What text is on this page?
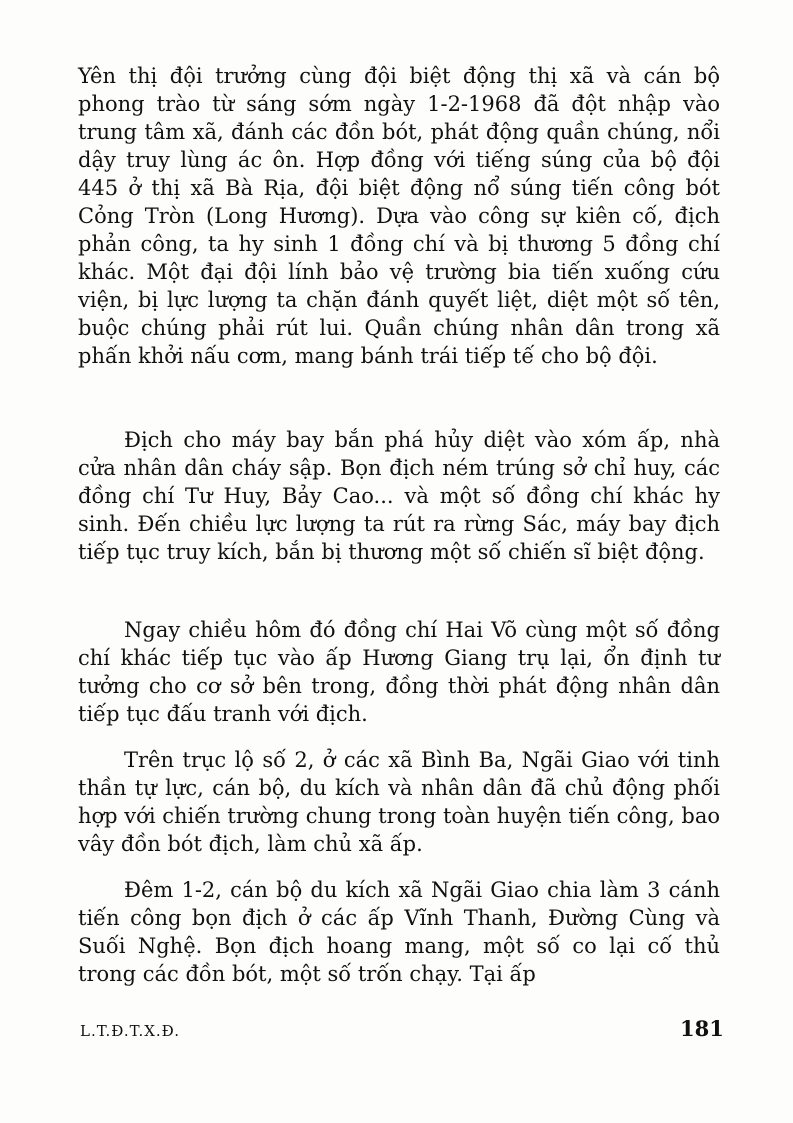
Yên thị đội trưởng cùng đội biệt động thị xã và cán bộ phong trào từ sáng sớm ngày 1-2-1968 đã đột nhập vào trung tâm xã, đánh các đồn bót, phát động quần chúng, nổi dậy truy lùng ác ôn. Hợp đồng với tiếng súng của bộ đội 445 ở thị xã Bà Rịa, đội biệt động nổ súng tiến công bót Cỏng Tròn (Long Hương). Dựa vào công sự kiên cố, địch phản công, ta hy sinh 1 đồng chí và bị thương 5 đồng chí khác. Một đại đội lính bảo vệ trường bia tiến xuống cứu viện, bị lực lượng ta chặn đánh quyết liệt, diệt một số tên, buộc chúng phải rút lui. Quần chúng nhân dân trong xã phấn khởi nấu cơm, mang bánh trái tiếp tế cho bộ đội.

Địch cho máy bay bắn phá hủy diệt vào xóm ấp, nhà cửa nhân dân cháy sập. Bọn địch ném trúng sở chỉ huy, các đồng chí Tư Huy, Bảy Cao... và một số đồng chí khác hy sinh. Đến chiều lực lượng ta rút ra rừng Sác, máy bay địch tiếp tục truy kích, bắn bị thương một số chiến sĩ biệt động.

Ngay chiều hôm đó đồng chí Hai Võ cùng một số đồng chí khác tiếp tục vào ấp Hương Giang trụ lại, ổn định tư tưởng cho cơ sở bên trong, đồng thời phát động nhân dân tiếp tục đấu tranh với địch.

Trên trục lộ số 2, ở các xã Bình Ba, Ngãi Giao với tinh thần tự lực, cán bộ, du kích và nhân dân đã chủ động phối hợp với chiến trường chung trong toàn huyện tiến công, bao vây đồn bót địch, làm chủ xã ấp.

Đêm 1-2, cán bộ du kích xã Ngãi Giao chia làm 3 cánh tiến công bọn địch ở các ấp Vĩnh Thanh, Đường Cùng và Suối Nghệ. Bọn địch hoang mang, một số co lại cố thủ trong các đồn bót, một số trốn chạy. Tại ấp

L.T.Đ.T.X.Đ.	181
